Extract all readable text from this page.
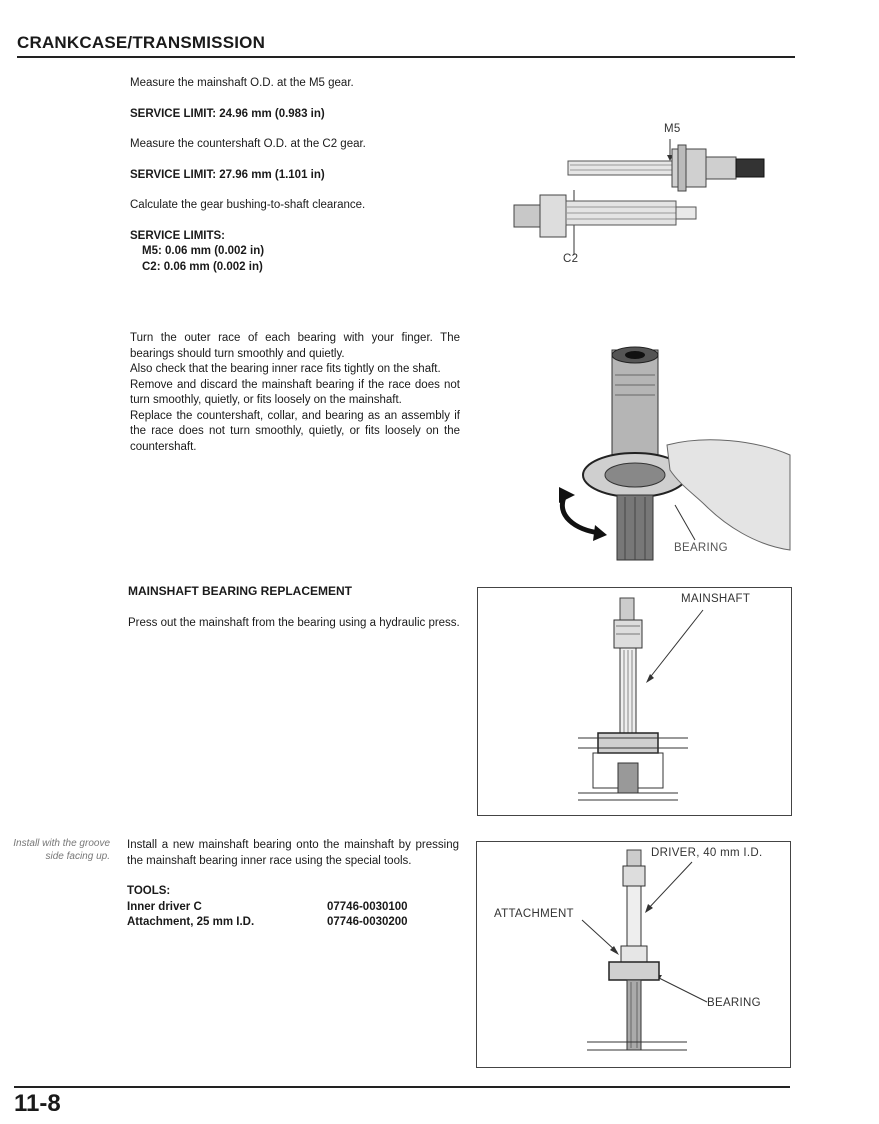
CRANKCASE/TRANSMISSION
Measure the mainshaft O.D. at the M5 gear.
SERVICE LIMIT: 24.96 mm (0.983 in)
Measure the countershaft O.D. at the C2 gear.
SERVICE LIMIT: 27.96 mm (1.101 in)
Calculate the gear bushing-to-shaft clearance.
SERVICE LIMITS:
M5: 0.06 mm (0.002 in)
C2: 0.06 mm (0.002 in)
M5
C2
Turn the outer race of each bearing with your finger. The bearings should turn smoothly and quietly.
Also check that the bearing inner race fits tightly on the shaft.
Remove and discard the mainshaft bearing if the race does not turn smoothly, quietly, or fits loosely on the mainshaft.
Replace the countershaft, collar, and bearing as an assembly if the race does not turn smoothly, quietly, or fits loosely on the countershaft.
BEARING
MAINSHAFT BEARING REPLACEMENT
Press out the mainshaft from the bearing using a hydraulic press.
MAINSHAFT
Install with the groove side facing up.
Install a new mainshaft bearing onto the mainshaft by pressing the mainshaft bearing inner race using the special tools.
TOOLS:
Inner driver C	07746-0030100
Attachment, 25 mm I.D.	07746-0030200
DRIVER, 40 mm I.D.
ATTACHMENT
BEARING
11-8
